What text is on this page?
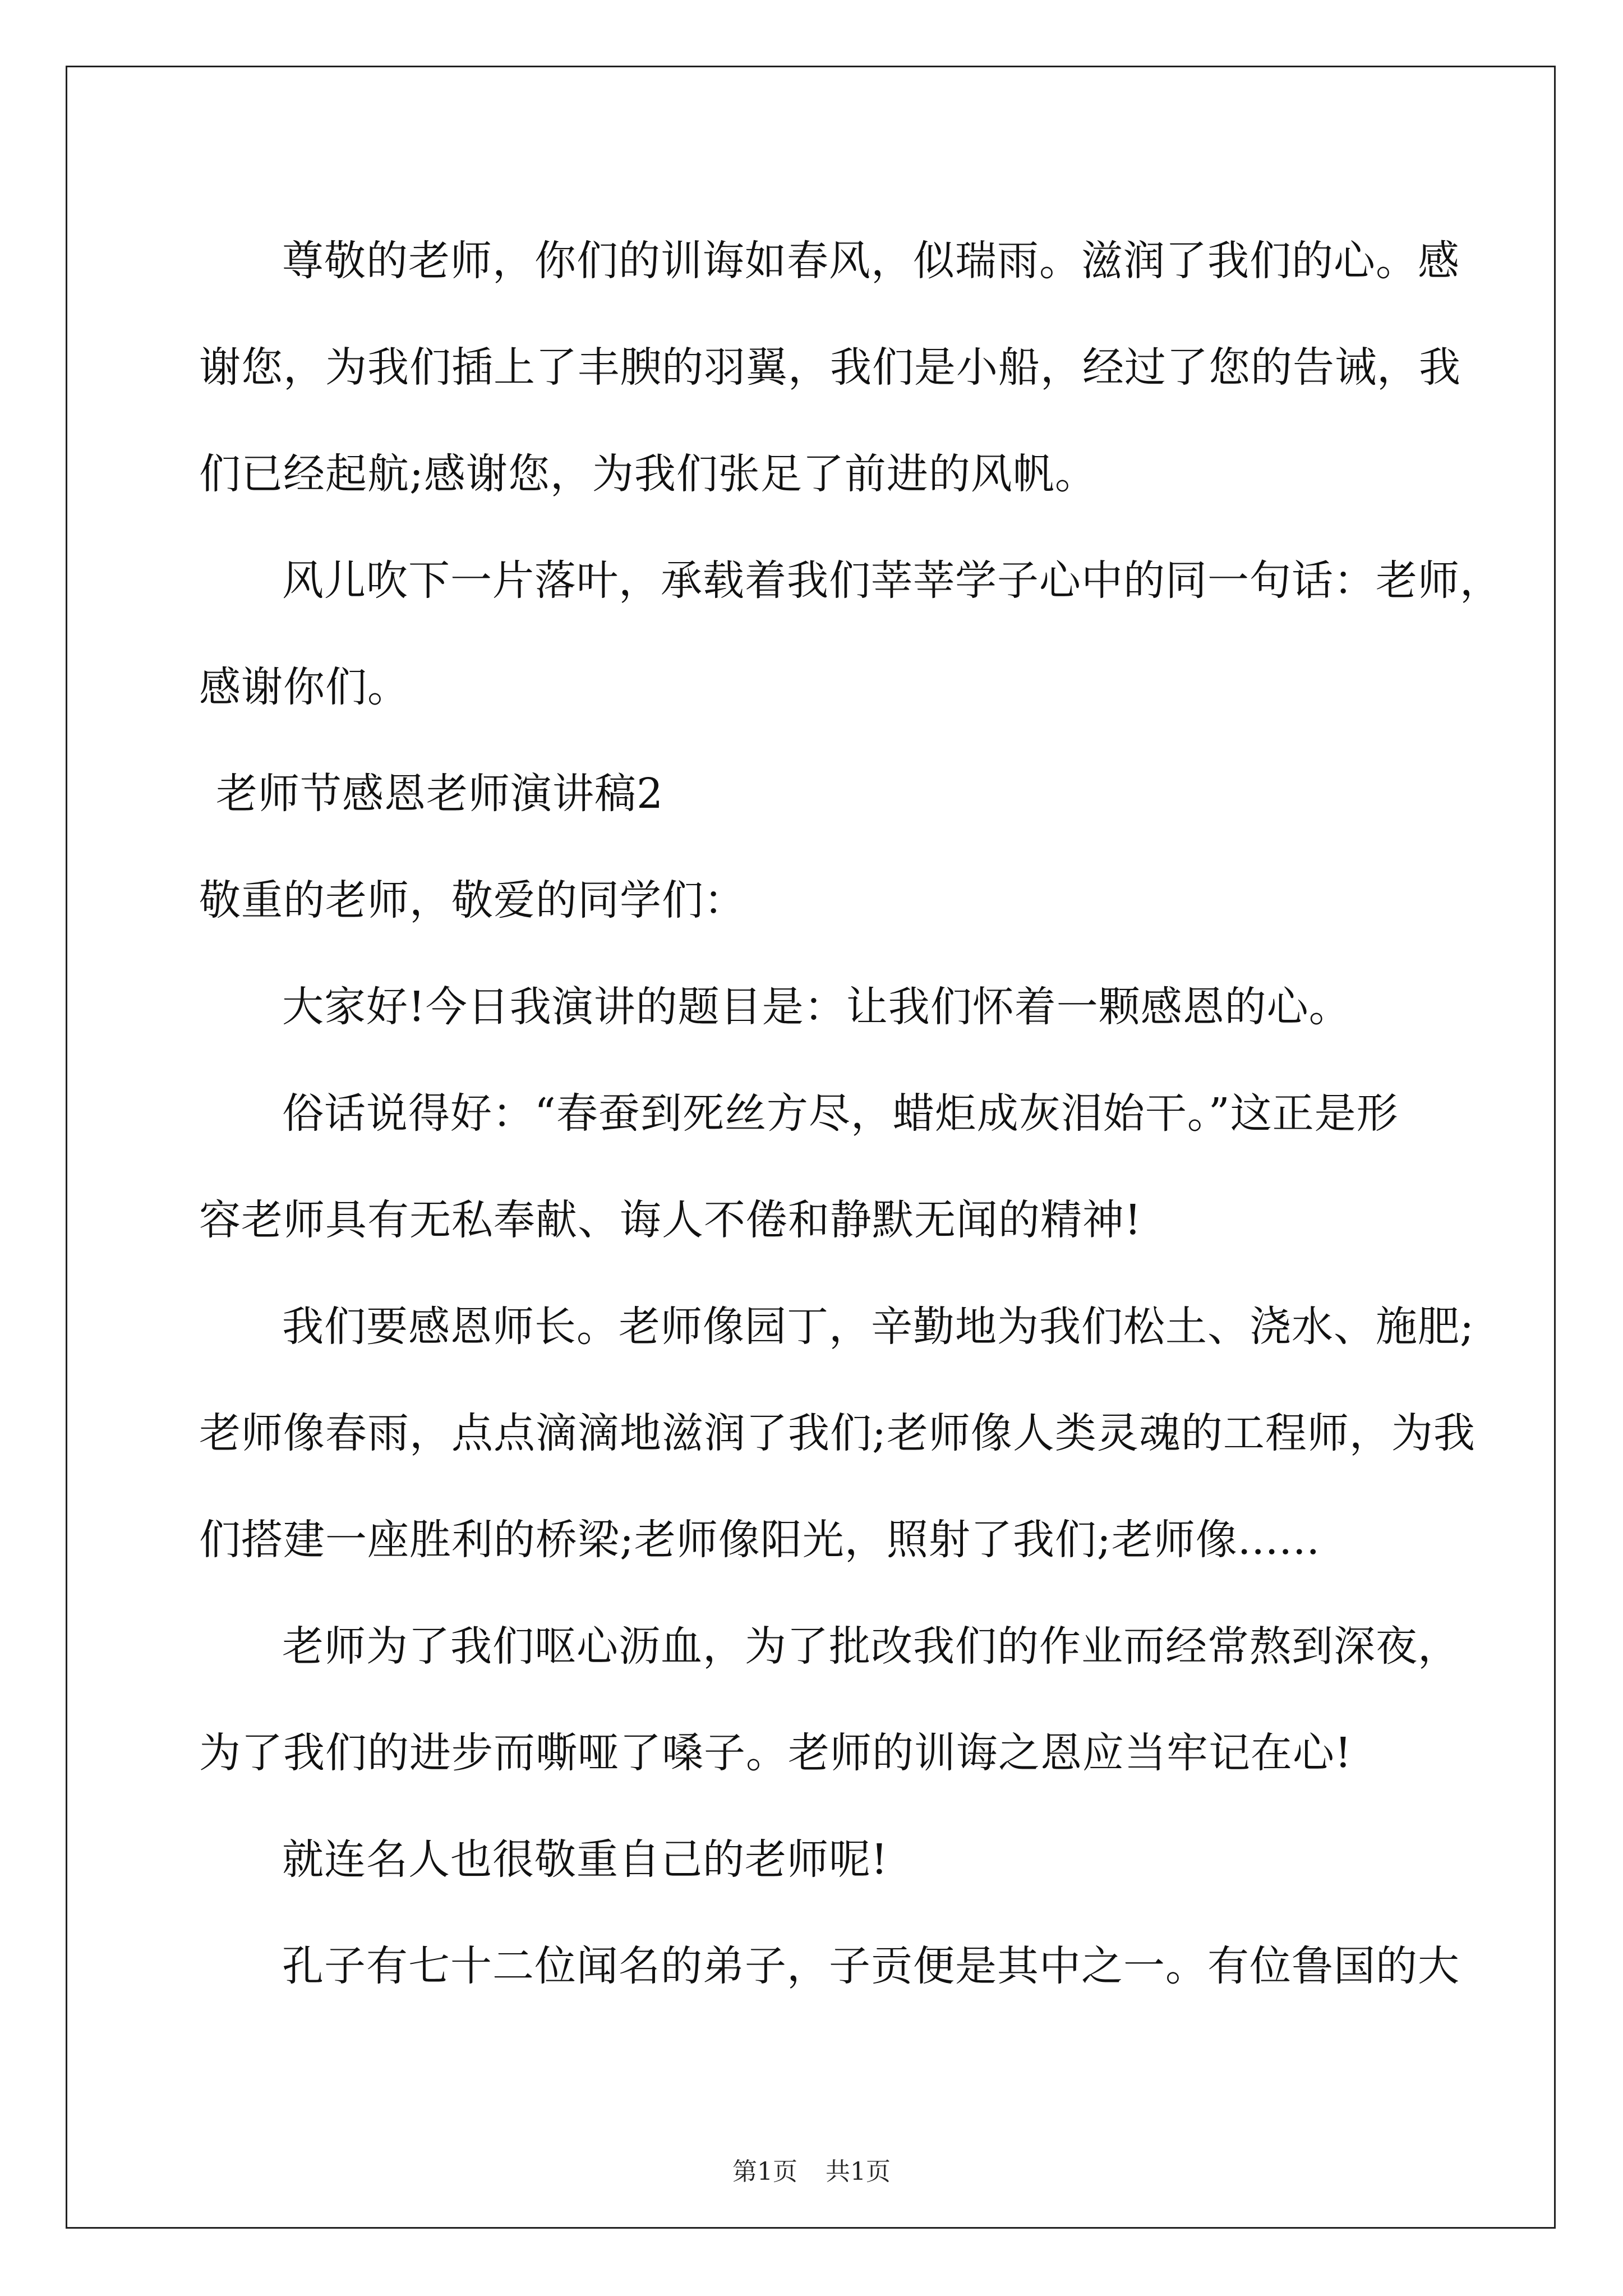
尊敬的老师，你们的训诲如春风，似瑞雨。滋润了我们的心。感
谢您，为我们插上了丰腴的羽翼，我们是小船，经过了您的告诫，我
们已经起航;感谢您，为我们张足了前进的风帆。
风儿吹下一片落叶，承载着我们莘莘学子心中的同一句话：老师，
感谢你们。
老师节感恩老师演讲稿2
敬重的老师，敬爱的同学们：
大家好!今日我演讲的题目是：让我们怀着一颗感恩的心。
俗话说得好：“春蚕到死丝方尽，蜡炬成灰泪始干。”这正是形
容老师具有无私奉献、诲人不倦和静默无闻的精神!
我们要感恩师长。老师像园丁，辛勤地为我们松土、浇水、施肥;
老师像春雨，点点滴滴地滋润了我们;老师像人类灵魂的工程师，为我
们搭建一座胜利的桥梁;老师像阳光，照射了我们;老师像......
老师为了我们呕心沥血，为了批改我们的作业而经常熬到深夜，
为了我们的进步而嘶哑了嗓子。老师的训诲之恩应当牢记在心!
就连名人也很敬重自己的老师呢!
孔子有七十二位闻名的弟子，子贡便是其中之一。有位鲁国的大
第1页 共1页
